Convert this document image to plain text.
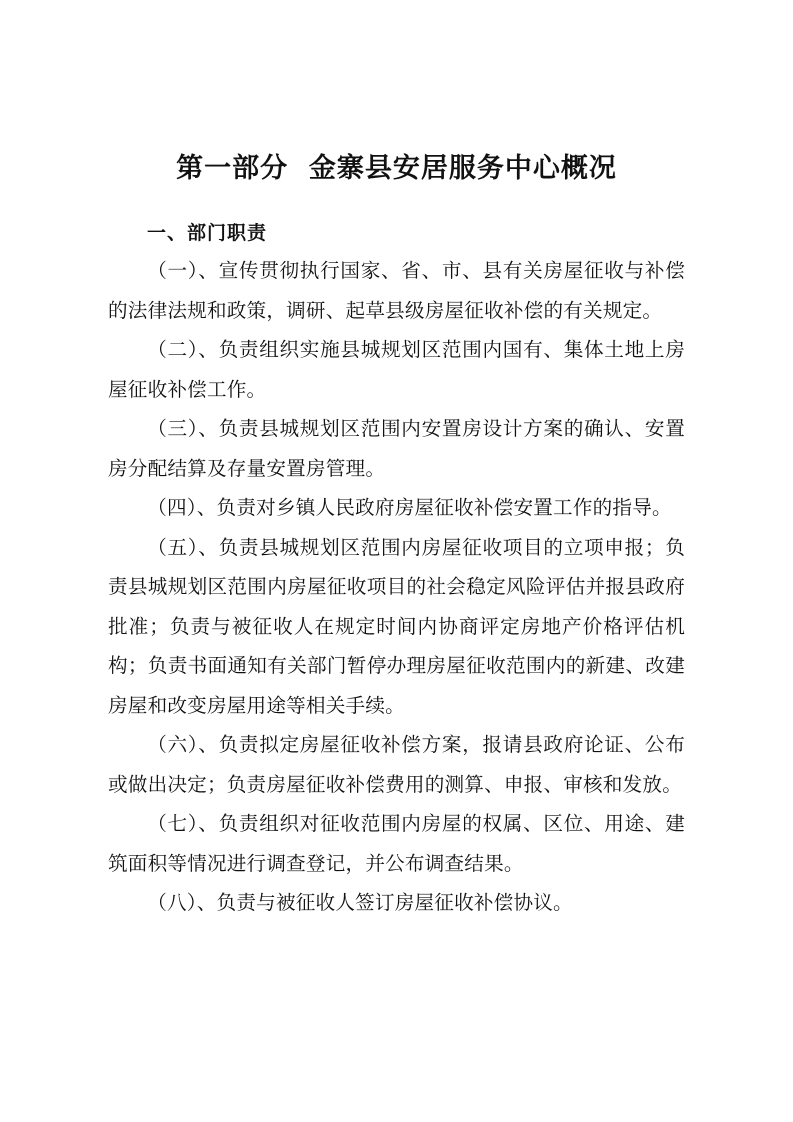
第一部分  金寨县安居服务中心概况
一、部门职责

（一）、宣传贯彻执行国家、省、市、县有关房屋征收与补偿的法律法规和政策，调研、起草县级房屋征收补偿的有关规定。

（二）、负责组织实施县城规划区范围内国有、集体土地上房屋征收补偿工作。

（三）、负责县城规划区范围内安置房设计方案的确认、安置房分配结算及存量安置房管理。

（四）、负责对乡镇人民政府房屋征收补偿安置工作的指导。

（五）、负责县城规划区范围内房屋征收项目的立项申报；负责县城规划区范围内房屋征收项目的社会稳定风险评估并报县政府批准；负责与被征收人在规定时间内协商评定房地产价格评估机构；负责书面通知有关部门暂停办理房屋征收范围内的新建、改建房屋和改变房屋用途等相关手续。

（六）、负责拟定房屋征收补偿方案，报请县政府论证、公布或做出决定；负责房屋征收补偿费用的测算、申报、审核和发放。

（七）、负责组织对征收范围内房屋的权属、区位、用途、建筑面积等情况进行调查登记，并公布调查结果。

（八）、负责与被征收人签订房屋征收补偿协议。
